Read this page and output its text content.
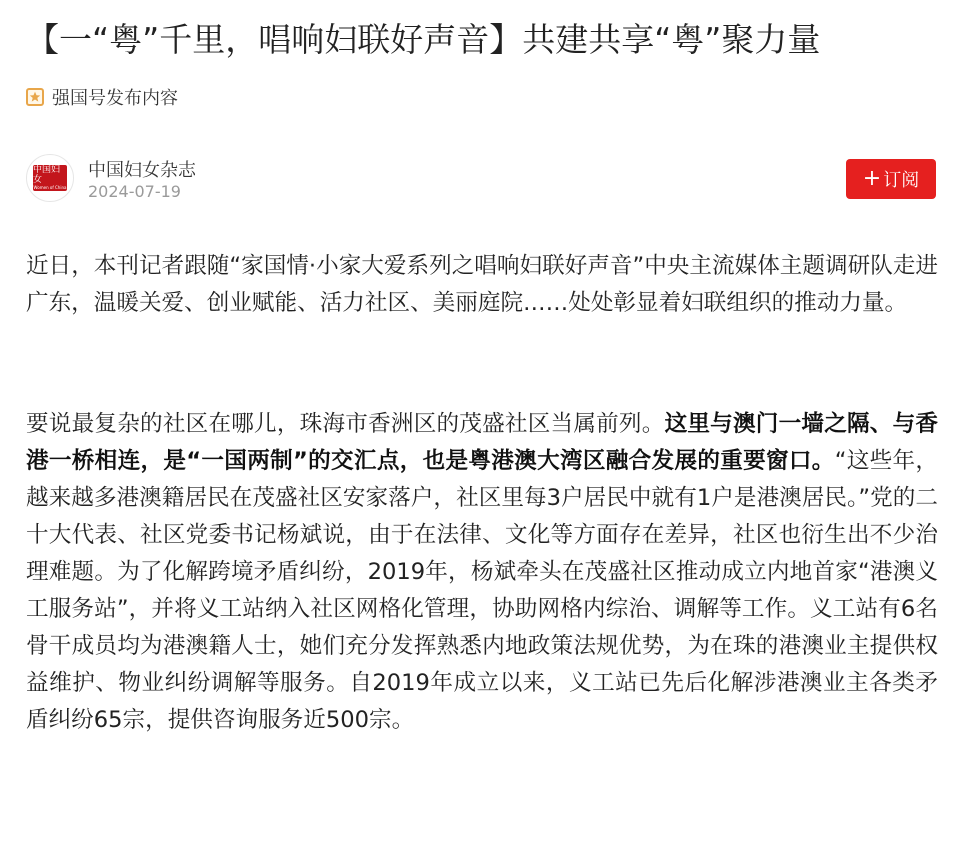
【一“粤”千里，唱响妇联好声音】共建共享“粤”聚力量
强国号发布内容
中国妇女
Women of China
中国妇女杂志
2024-07-19
+ 订阅

近日，本刊记者跟随“家国情·小家大爱系列之唱响妇联好声音”中央主流媒体主题调研队走进广东，温暖关爱、创业赋能、活力社区、美丽庭院……处处彰显着妇联组织的推动力量。

要说最复杂的社区在哪儿，珠海市香洲区的茂盛社区当属前列。这里与澳门一墙之隔、与香港一桥相连，是“一国两制”的交汇点，也是粤港澳大湾区融合发展的重要窗口。“这些年，越来越多港澳籍居民在茂盛社区安家落户，社区里每3户居民中就有1户是港澳居民。”党的二十大代表、社区党委书记杨斌说，由于在法律、文化等方面存在差异，社区也衍生出不少治理难题。为了化解跨境矛盾纠纷，2019年，杨斌牵头在茂盛社区推动成立内地首家“港澳义工服务站”，并将义工站纳入社区网格化管理，协助网格内综治、调解等工作。义工站有6名骨干成员均为港澳籍人士，她们充分发挥熟悉内地政策法规优势，为在珠的港澳业主提供权益维护、物业纠纷调解等服务。自2019年成立以来，义工站已先后化解涉港澳业主各类矛盾纠纷65宗，提供咨询服务近500宗。
